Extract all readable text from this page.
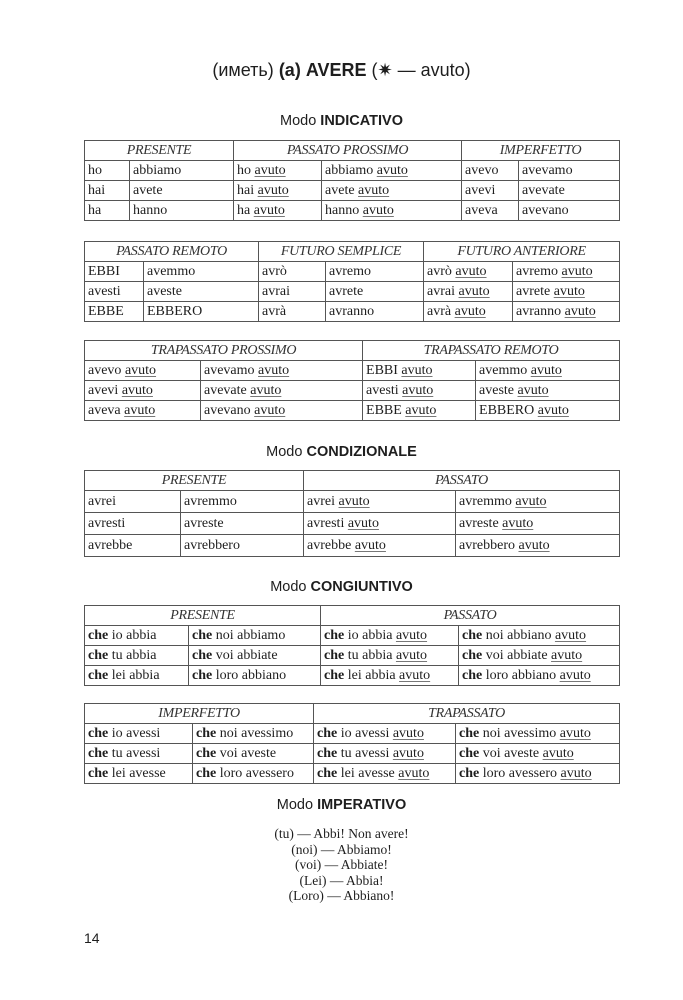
(иметь) (a) AVERE (✷ — avuto)
Modo INDICATIVO
PRESENTE		PASSATO PROSSIMO		IMPERFETTO	
ho	abbiamo	ho avuto	abbiamo avuto	avevo	avevamo
hai	avete	hai avuto	avete avuto	avevi	avevate
ha	hanno	ha avuto	hanno avuto	aveva	avevano
PASSATO REMOTO		FUTURO SEMPLICE		FUTURO ANTERIORE	
EBBI	avemmo	avrò	avremo	avrò avuto	avremo avuto
avesti	aveste	avrai	avrete	avrai avuto	avrete avuto
EBBE	EBBERO	avrà	avranno	avrà avuto	avranno avuto
TRAPASSATO PROSSIMO		TRAPASSATO REMOTO	
avevo avuto	avevamo avuto	EBBI avuto	avemmo avuto
avevi avuto	avevate avuto	avesti avuto	aveste avuto
aveva avuto	avevano avuto	EBBE avuto	EBBERO avuto
Modo CONDIZIONALE
PRESENTE		PASSATO	
avrei	avremmo	avrei avuto	avremmo avuto
avresti	avreste	avresti avuto	avreste avuto
avrebbe	avrebbero	avrebbe avuto	avrebbero avuto
Modo CONGIUNTIVO
PRESENTE		PASSATO	
che io abbia	che noi abbiamo	che io abbia avuto	che noi abbiano avuto
che tu abbia	che voi abbiate	che tu abbia avuto	che voi abbiate avuto
che lei abbia	che loro abbiano	che lei abbia avuto	che loro abbiano avuto
IMPERFETTO		TRAPASSATO	
che io avessi	che noi avessimo	che io avessi avuto	che noi avessimo avuto
che tu avessi	che voi aveste	che tu avessi avuto	che voi aveste avuto
che lei avesse	che loro avessero	che lei avesse avuto	che loro avessero avuto
Modo IMPERATIVO
(tu) — Abbi! Non avere!
(noi) — Abbiamo!
(voi) — Abbiate!
(Lei) — Abbia!
(Loro) — Abbiano!
14
